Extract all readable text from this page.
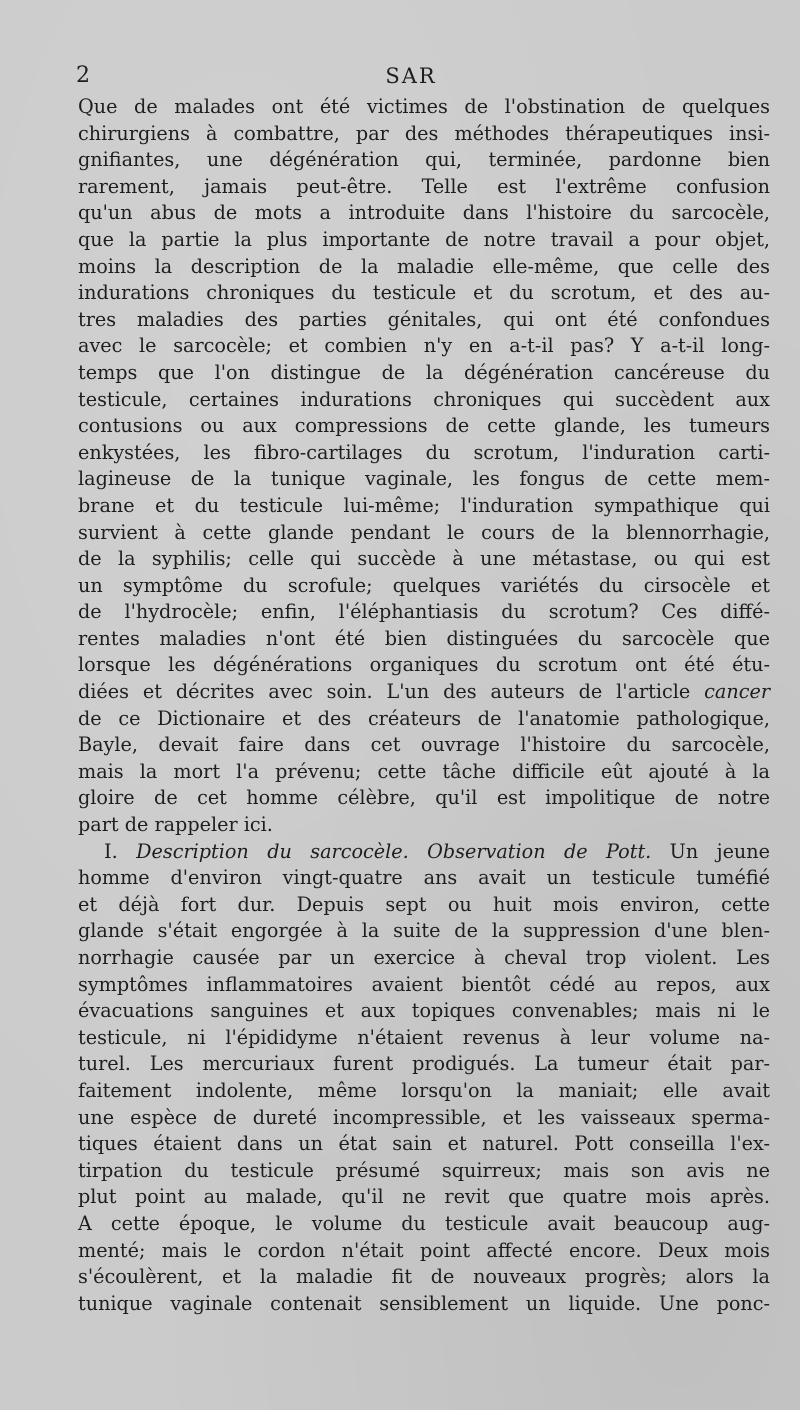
2	SAR
Que de malades ont été victimes de l'obstination de quelques
chirurgiens à combattre, par des méthodes thérapeutiques insi-
gnifiantes, une dégénération qui, terminée, pardonne bien
rarement, jamais peut-être. Telle est l'extrême confusion
qu'un abus de mots a introduite dans l'histoire du sarcocèle,
que la partie la plus importante de notre travail a pour objet,
moins la description de la maladie elle-même, que celle des
indurations chroniques du testicule et du scrotum, et des au-
tres maladies des parties génitales, qui ont été confondues
avec le sarcocèle; et combien n'y en a-t-il pas? Y a-t-il long-
temps que l'on distingue de la dégénération cancéreuse du
testicule, certaines indurations chroniques qui succèdent aux
contusions ou aux compressions de cette glande, les tumeurs
enkystées, les fibro-cartilages du scrotum, l'induration carti-
lagineuse de la tunique vaginale, les fongus de cette mem-
brane et du testicule lui-même; l'induration sympathique qui
survient à cette glande pendant le cours de la blennorrhagie,
de la syphilis; celle qui succède à une métastase, ou qui est
un symptôme du scrofule; quelques variétés du cirsocèle et
de l'hydrocèle; enfin, l'éléphantiasis du scrotum? Ces diffé-
rentes maladies n'ont été bien distinguées du sarcocèle que
lorsque les dégénérations organiques du scrotum ont été étu-
diées et décrites avec soin. L'un des auteurs de l'article cancer
de ce Dictionaire et des créateurs de l'anatomie pathologique,
Bayle, devait faire dans cet ouvrage l'histoire du sarcocèle,
mais la mort l'a prévenu; cette tâche difficile eût ajouté à la
gloire de cet homme célèbre, qu'il est impolitique de notre
part de rappeler ici.
I. Description du sarcocèle. Observation de Pott. Un jeune
homme d'environ vingt-quatre ans avait un testicule tuméfié
et déjà fort dur. Depuis sept ou huit mois environ, cette
glande s'était engorgée à la suite de la suppression d'une blen-
norrhagie causée par un exercice à cheval trop violent. Les
symptômes inflammatoires avaient bientôt cédé au repos, aux
évacuations sanguines et aux topiques convenables; mais ni le
testicule, ni l'épididyme n'étaient revenus à leur volume na-
turel. Les mercuriaux furent prodigués. La tumeur était par-
faitement indolente, même lorsqu'on la maniait; elle avait
une espèce de dureté incompressible, et les vaisseaux sperma-
tiques étaient dans un état sain et naturel. Pott conseilla l'ex-
tirpation du testicule présumé squirreux; mais son avis ne
plut point au malade, qu'il ne revit que quatre mois après.
A cette époque, le volume du testicule avait beaucoup aug-
menté; mais le cordon n'était point affecté encore. Deux mois
s'écoulèrent, et la maladie fit de nouveaux progrès; alors la
tunique vaginale contenait sensiblement un liquide. Une ponc-
